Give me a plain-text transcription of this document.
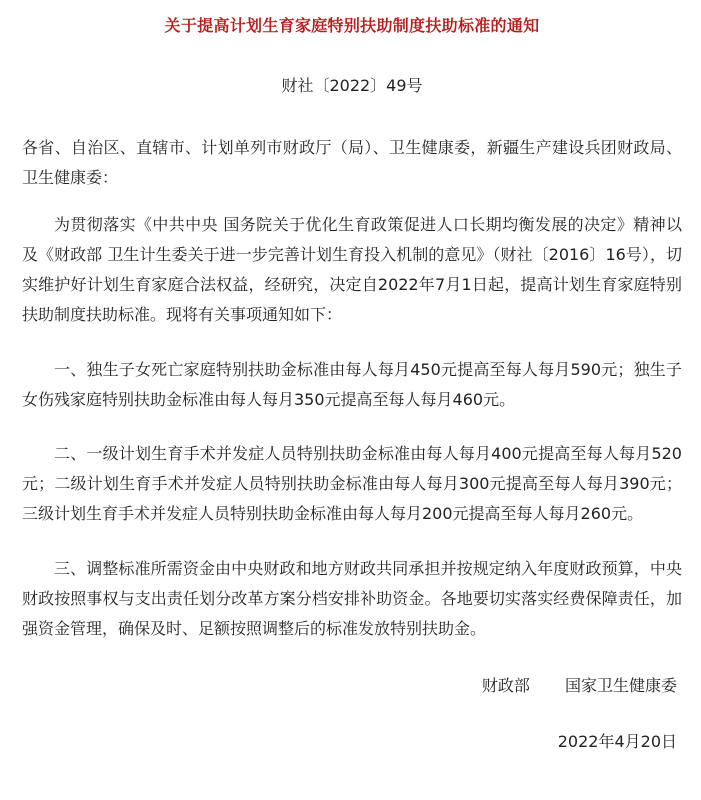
关于提高计划生育家庭特别扶助制度扶助标准的通知

财社〔2022〕49号

各省、自治区、直辖市、计划单列市财政厅（局）、卫生健康委，新疆生产建设兵团财政局、卫生健康委：

为贯彻落实《中共中央 国务院关于优化生育政策促进人口长期均衡发展的决定》精神以及《财政部 卫生计生委关于进一步完善计划生育投入机制的意见》（财社〔2016〕16号），切实维护好计划生育家庭合法权益，经研究，决定自2022年7月1日起，提高计划生育家庭特别扶助制度扶助标准。现将有关事项通知如下：

一、独生子女死亡家庭特别扶助金标准由每人每月450元提高至每人每月590元；独生子女伤残家庭特别扶助金标准由每人每月350元提高至每人每月460元。

二、一级计划生育手术并发症人员特别扶助金标准由每人每月400元提高至每人每月520元；二级计划生育手术并发症人员特别扶助金标准由每人每月300元提高至每人每月390元；三级计划生育手术并发症人员特别扶助金标准由每人每月200元提高至每人每月260元。

三、调整标准所需资金由中央财政和地方财政共同承担并按规定纳入年度财政预算，中央财政按照事权与支出责任划分改革方案分档安排补助资金。各地要切实落实经费保障责任，加强资金管理，确保及时、足额按照调整后的标准发放特别扶助金。

财政部 国家卫生健康委

2022年4月20日
